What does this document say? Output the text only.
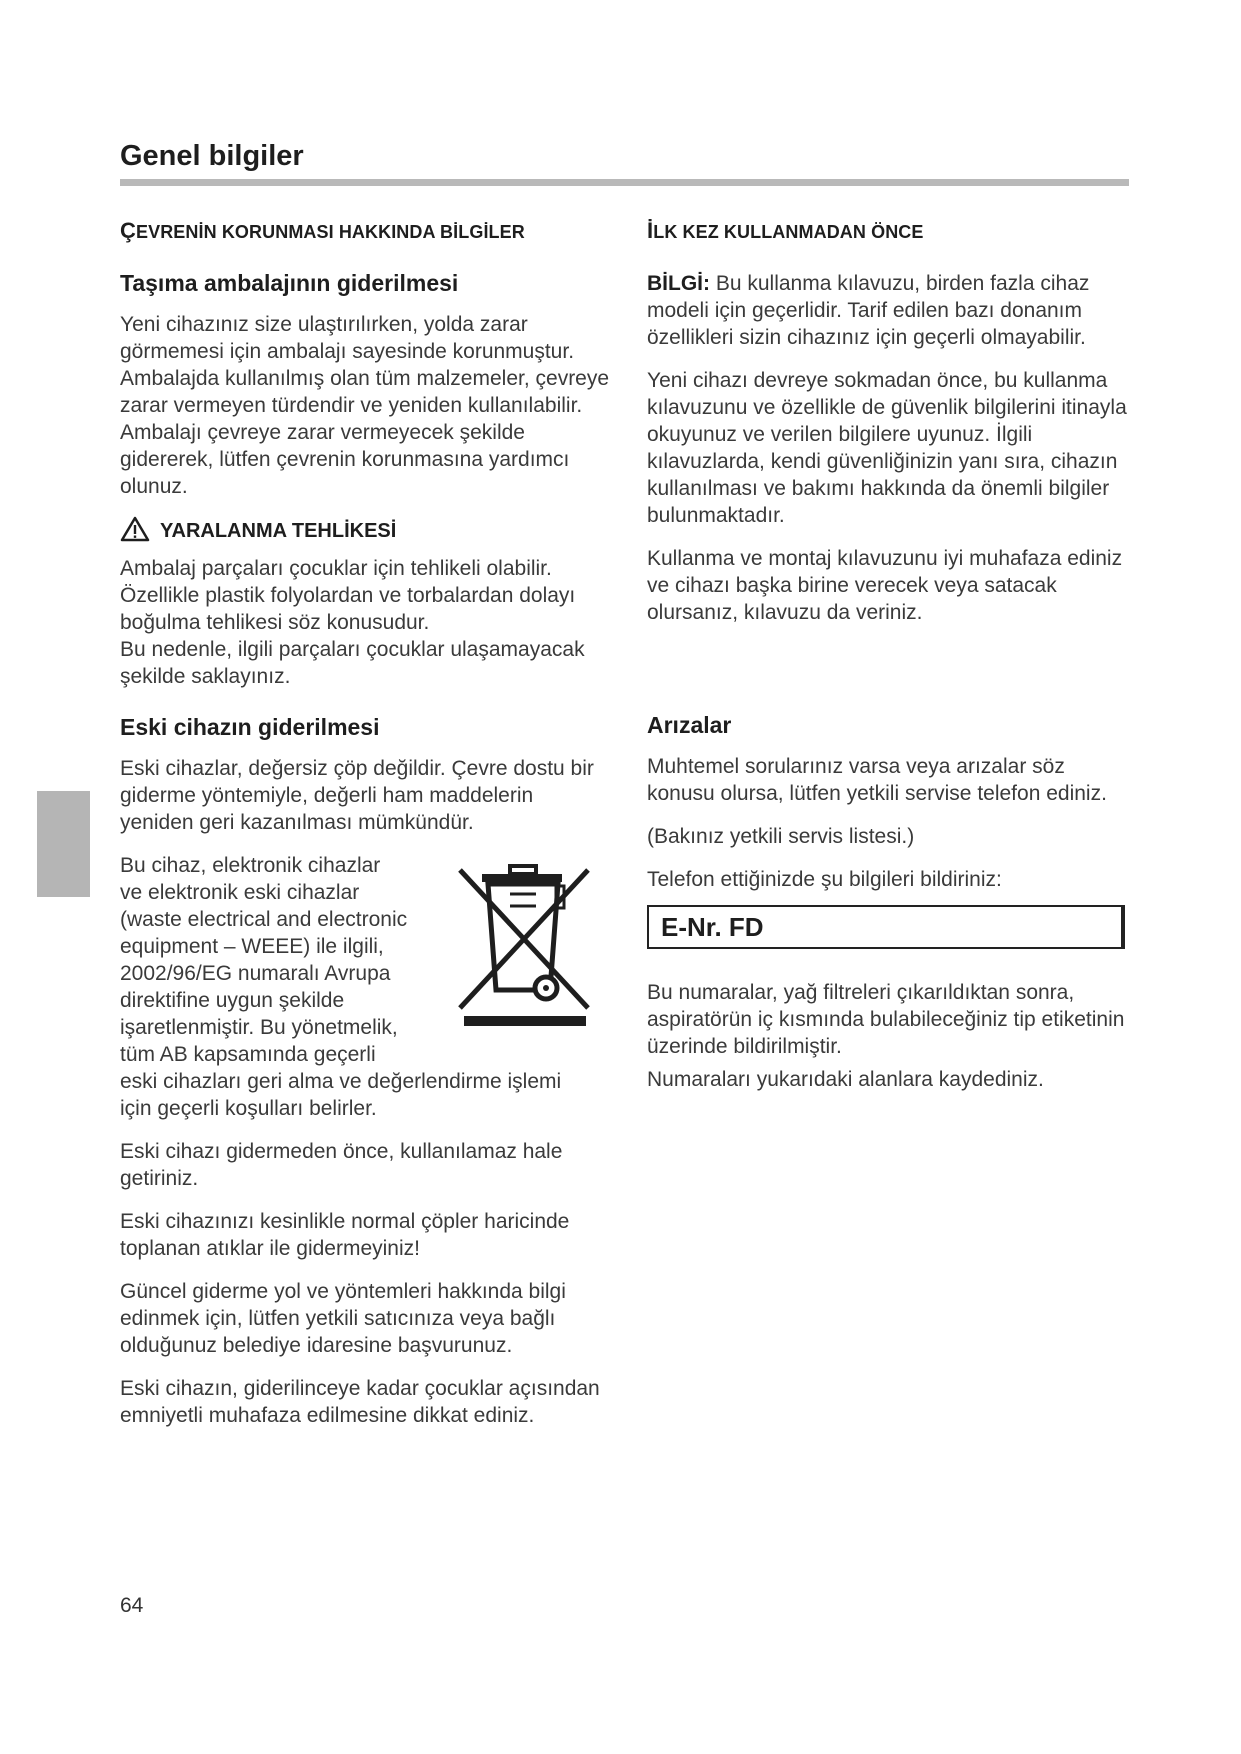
Genel bilgiler
ÇEVRENİN KORUNMASI HAKKINDA BİLGİLER
Taşıma ambalajının giderilmesi

Yeni cihazınız size ulaştırılırken, yolda zarar görmemesi için ambalajı sayesinde korunmuştur. Ambalajda kullanılmış olan tüm malzemeler, çevreye zarar vermeyen türdendir ve yeniden kullanılabilir. Ambalajı çevreye zarar vermeyecek şekilde gidererek, lütfen çevrenin korunmasına yardımcı olunuz.

YARALANMA TEHLİKESİ

Ambalaj parçaları çocuklar için tehlikeli olabilir. Özellikle plastik folyolardan ve torbalardan dolayı boğulma tehlikesi söz konusudur.

Bu nedenle, ilgili parçaları çocuklar ulaşamayacak şekilde saklayınız.

Eski cihazın giderilmesi

Eski cihazlar, değersiz çöp değildir. Çevre dostu bir giderme yöntemiyle, değerli ham maddelerin yeniden geri kazanılması mümkündür.

Bu cihaz, elektronik cihazlar
ve elektronik eski cihazlar
(waste electrical and electronic
equipment – WEEE) ile ilgili,
2002/96/EG numaralı Avrupa
direktifine uygun şekilde
işaretlenmiştir. Bu yönetmelik,
tüm AB kapsamında geçerli
eski cihazları geri alma ve değerlendirme işlemi
için geçerli koşulları belirler.

Eski cihazı gidermeden önce, kullanılamaz hale getiriniz.

Eski cihazınızı kesinlikle normal çöpler haricinde toplanan atıklar ile gidermeyiniz!

Güncel giderme yol ve yöntemleri hakkında bilgi edinmek için, lütfen yetkili satıcınıza veya bağlı olduğunuz belediye idaresine başvurunuz.

Eski cihazın, giderilinceye kadar çocuklar açısından emniyetli muhafaza edilmesine dikkat ediniz.

İLK KEZ KULLANMADAN ÖNCE

BİLGİ: Bu kullanma kılavuzu, birden fazla cihaz modeli için geçerlidir. Tarif edilen bazı donanım özellikleri sizin cihazınız için geçerli olmayabilir.

Yeni cihazı devreye sokmadan önce, bu kullanma kılavuzunu ve özellikle de güvenlik bilgilerini itinayla okuyunuz ve verilen bilgilere uyunuz. İlgili kılavuzlarda, kendi güvenliğinizin yanı sıra, cihazın kullanılması ve bakımı hakkında da önemli bilgiler bulunmaktadır.

Kullanma ve montaj kılavuzunu iyi muhafaza ediniz ve cihazı başka birine verecek veya satacak olursanız, kılavuzu da veriniz.

Arızalar

Muhtemel sorularınız varsa veya arızalar söz konusu olursa, lütfen yetkili servise telefon ediniz.

(Bakınız yetkili servis listesi.)

Telefon ettiğinizde şu bilgileri bildiriniz:

E-Nr. FD

Bu numaralar, yağ filtreleri çıkarıldıktan sonra, aspiratörün iç kısmında bulabileceğiniz tip etiketinin üzerinde bildirilmiştir.

Numaraları yukarıdaki alanlara kaydediniz.

64
